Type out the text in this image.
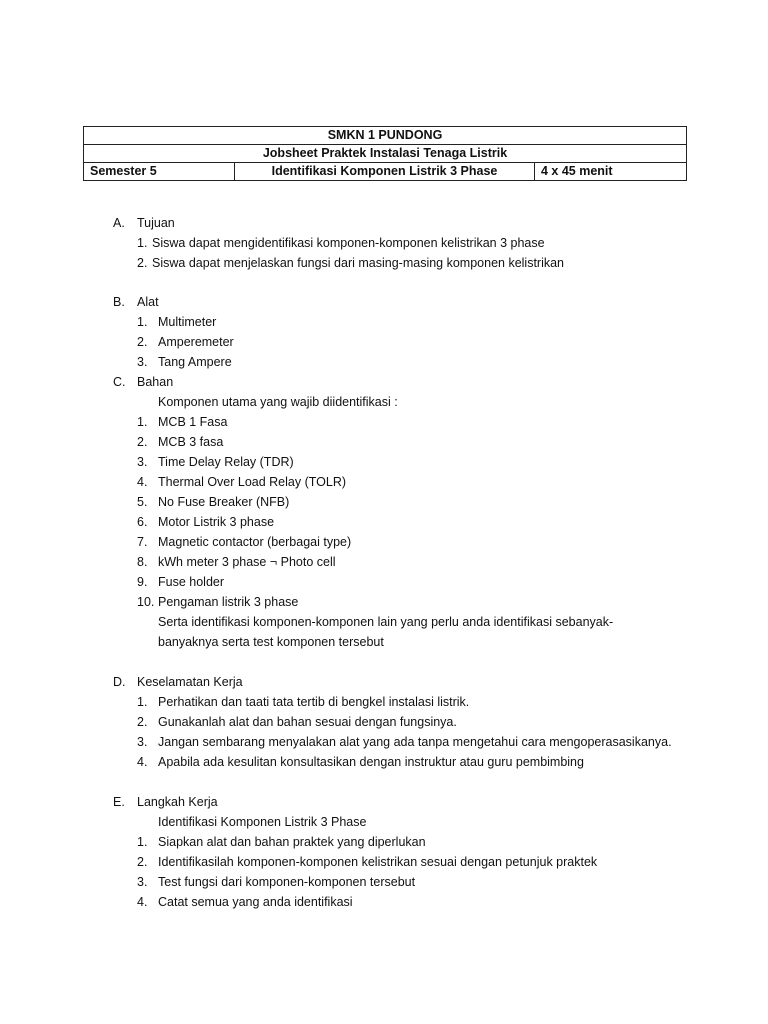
SMKN 1 PUNDONG
Jobsheet Praktek Instalasi Tenaga Listrik
Semester 5	Identifikasi Komponen Listrik 3 Phase	4 x 45 menit
A. Tujuan
1. Siswa dapat mengidentifikasi komponen-komponen kelistrikan 3 phase
2. Siswa dapat menjelaskan fungsi dari masing-masing komponen kelistrikan
B. Alat
1. Multimeter
2. Amperemeter
3. Tang Ampere
C. Bahan
Komponen utama yang wajib diidentifikasi :
1. MCB 1 Fasa
2. MCB 3 fasa
3. Time Delay Relay (TDR)
4. Thermal Over Load Relay (TOLR)
5. No Fuse Breaker (NFB)
6. Motor Listrik 3 phase
7. Magnetic contactor (berbagai type)
8. kWh meter 3 phase ¬ Photo cell
9. Fuse holder
10. Pengaman listrik 3 phase
Serta identifikasi komponen-komponen lain yang perlu anda identifikasi sebanyak-
banyaknya serta test komponen tersebut
D. Keselamatan Kerja
1. Perhatikan dan taati tata tertib di bengkel instalasi listrik.
2. Gunakanlah alat dan bahan sesuai dengan fungsinya.
3. Jangan sembarang menyalakan alat yang ada tanpa mengetahui cara mengoperasasikanya.
4. Apabila ada kesulitan konsultasikan dengan instruktur atau guru pembimbing
E. Langkah Kerja
Identifikasi Komponen Listrik 3 Phase
1. Siapkan alat dan bahan praktek yang diperlukan
2. Identifikasilah komponen-komponen kelistrikan sesuai dengan petunjuk praktek
3. Test fungsi dari komponen-komponen tersebut
4. Catat semua yang anda identifikasi
